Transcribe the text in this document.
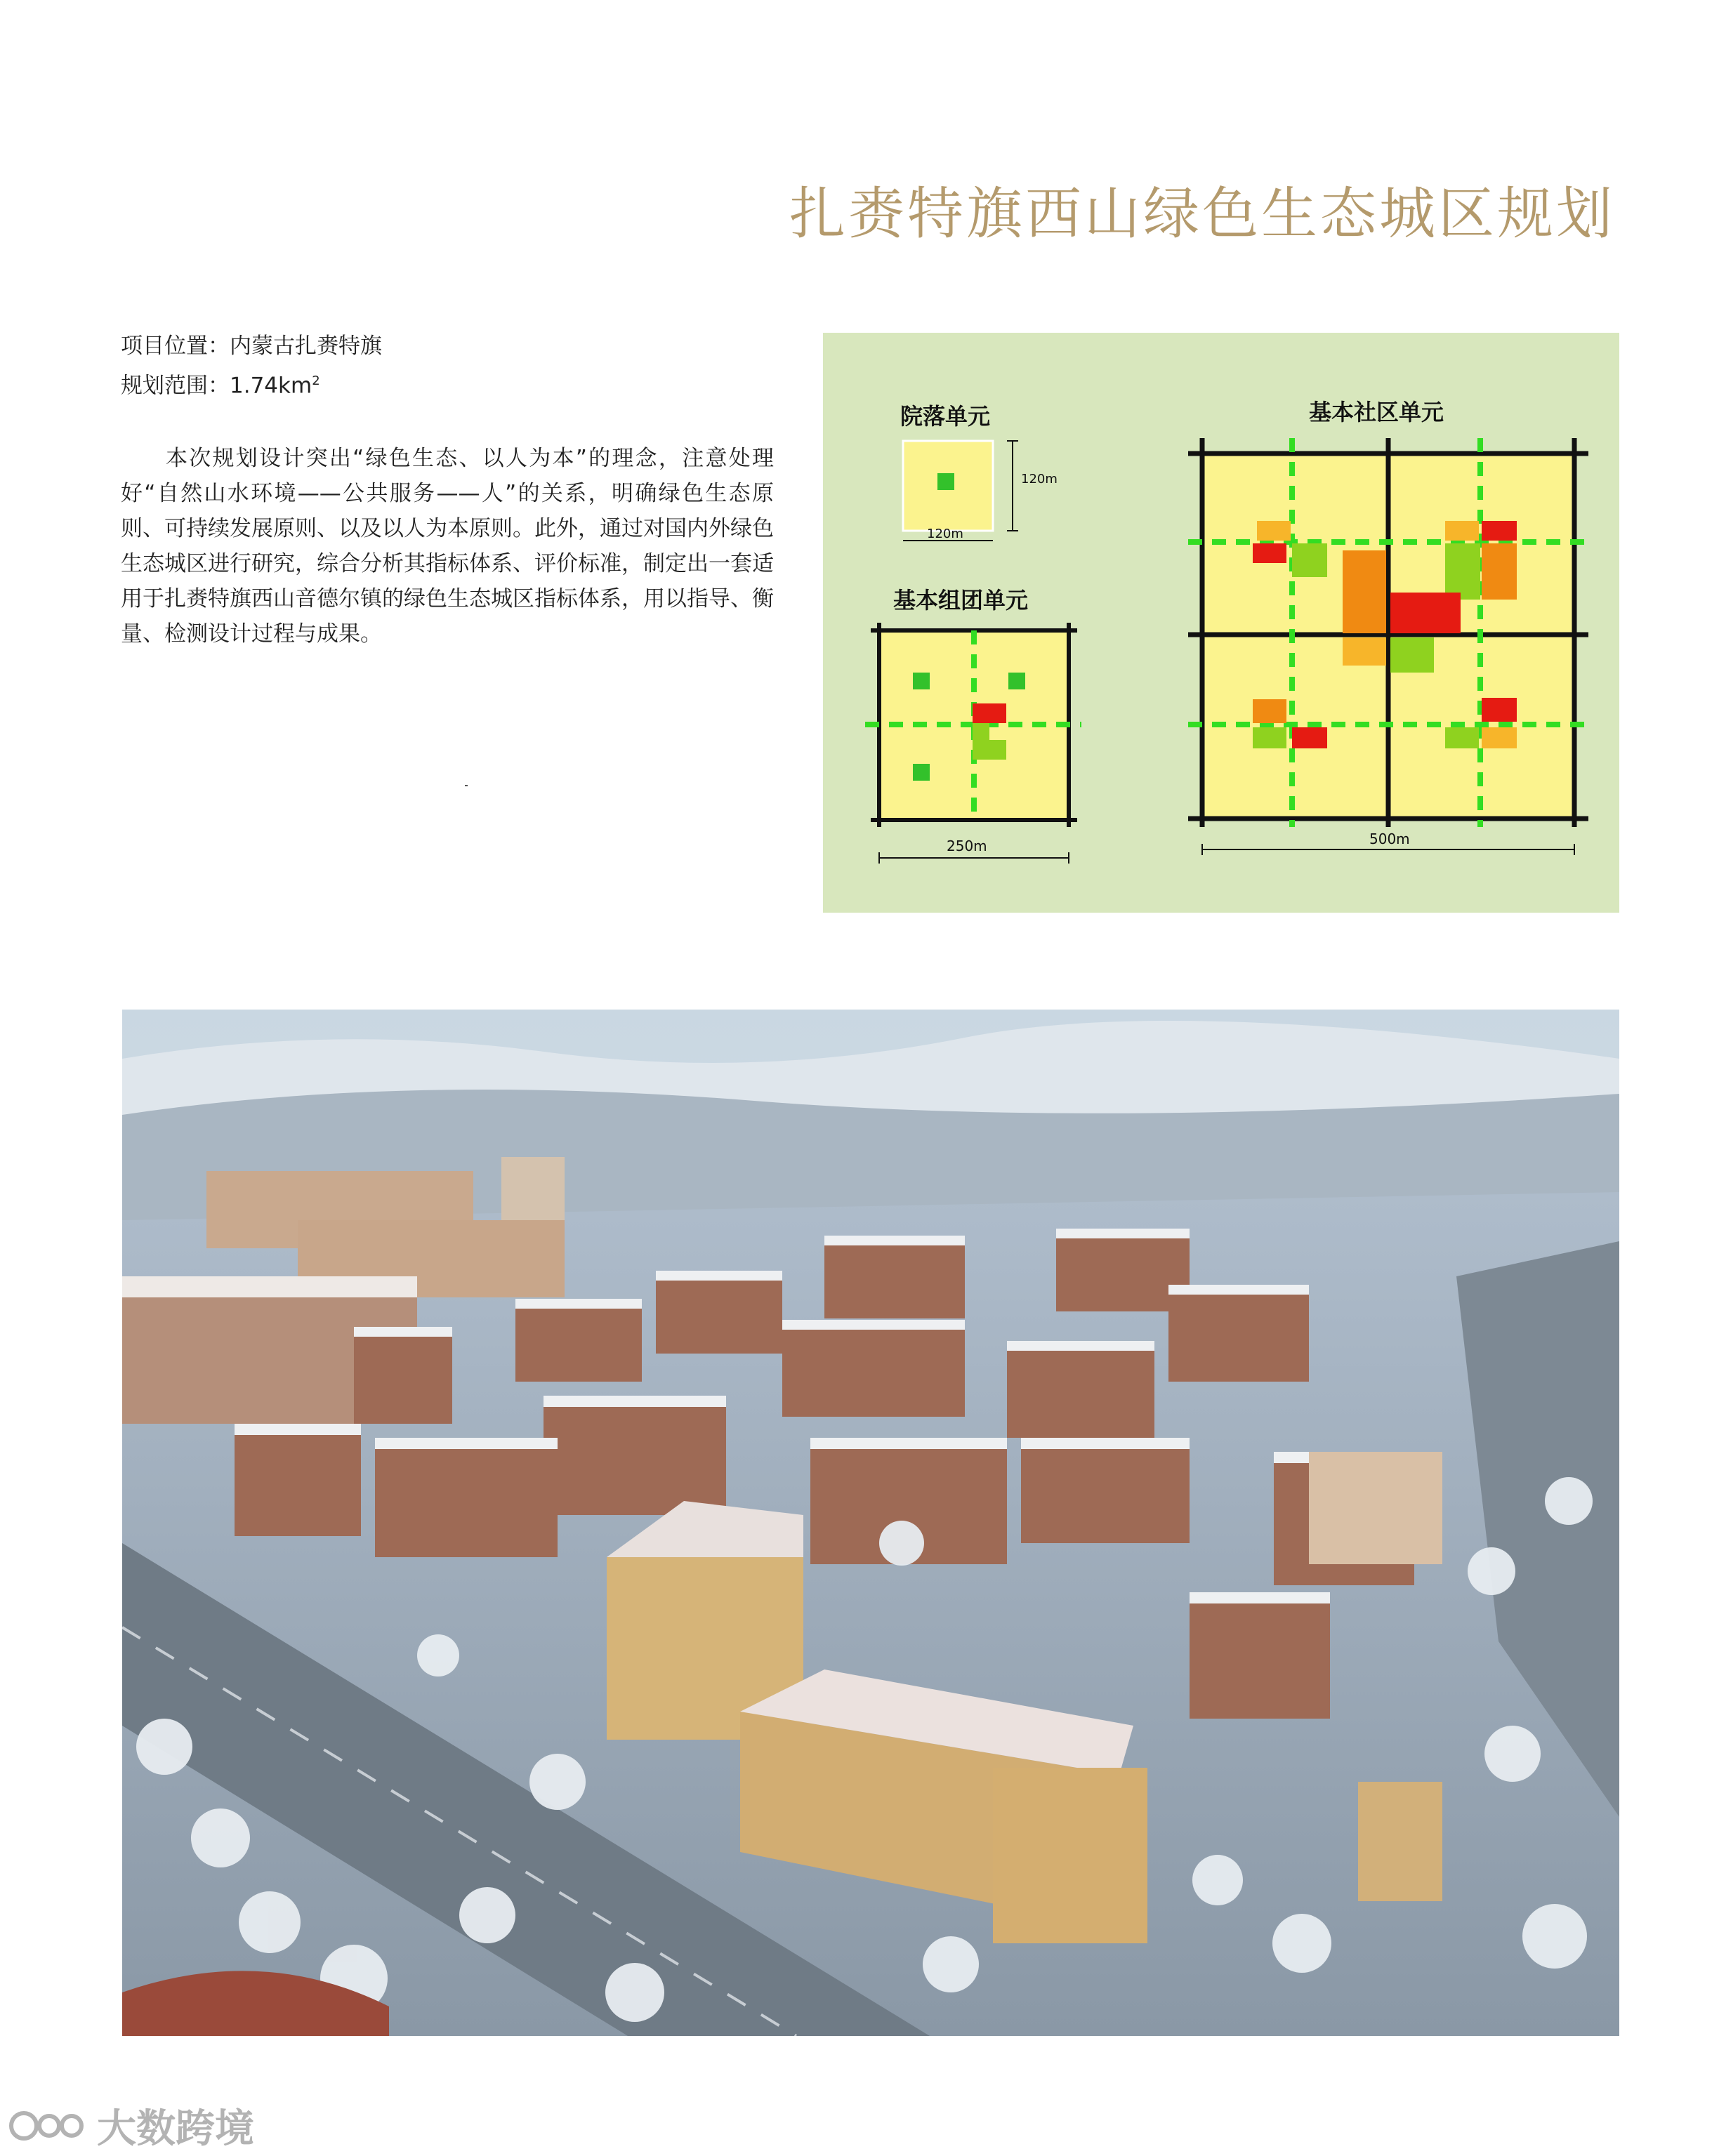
扎赉特旗西山绿色生态城区规划
项目位置：内蒙古扎赉特旗
规划范围：$1.74km^2$
本次规划设计突出“绿色生态、以人为本”的理念，注意处理好“自然山水环境——公共服务——人”的关系，明确绿色生态原则、可持续发展原则、以及以人为本原则。此外，通过对国内外绿色生态城区进行研究，综合分析其指标体系、评价标准，制定出一套适用于扎赉特旗西山音德尔镇的绿色生态城区指标体系，用以指导、衡量、检测设计过程与成果。
院落单元
120m
120m
基本组团单元
250m
基本社区单元
500m
大数跨境
